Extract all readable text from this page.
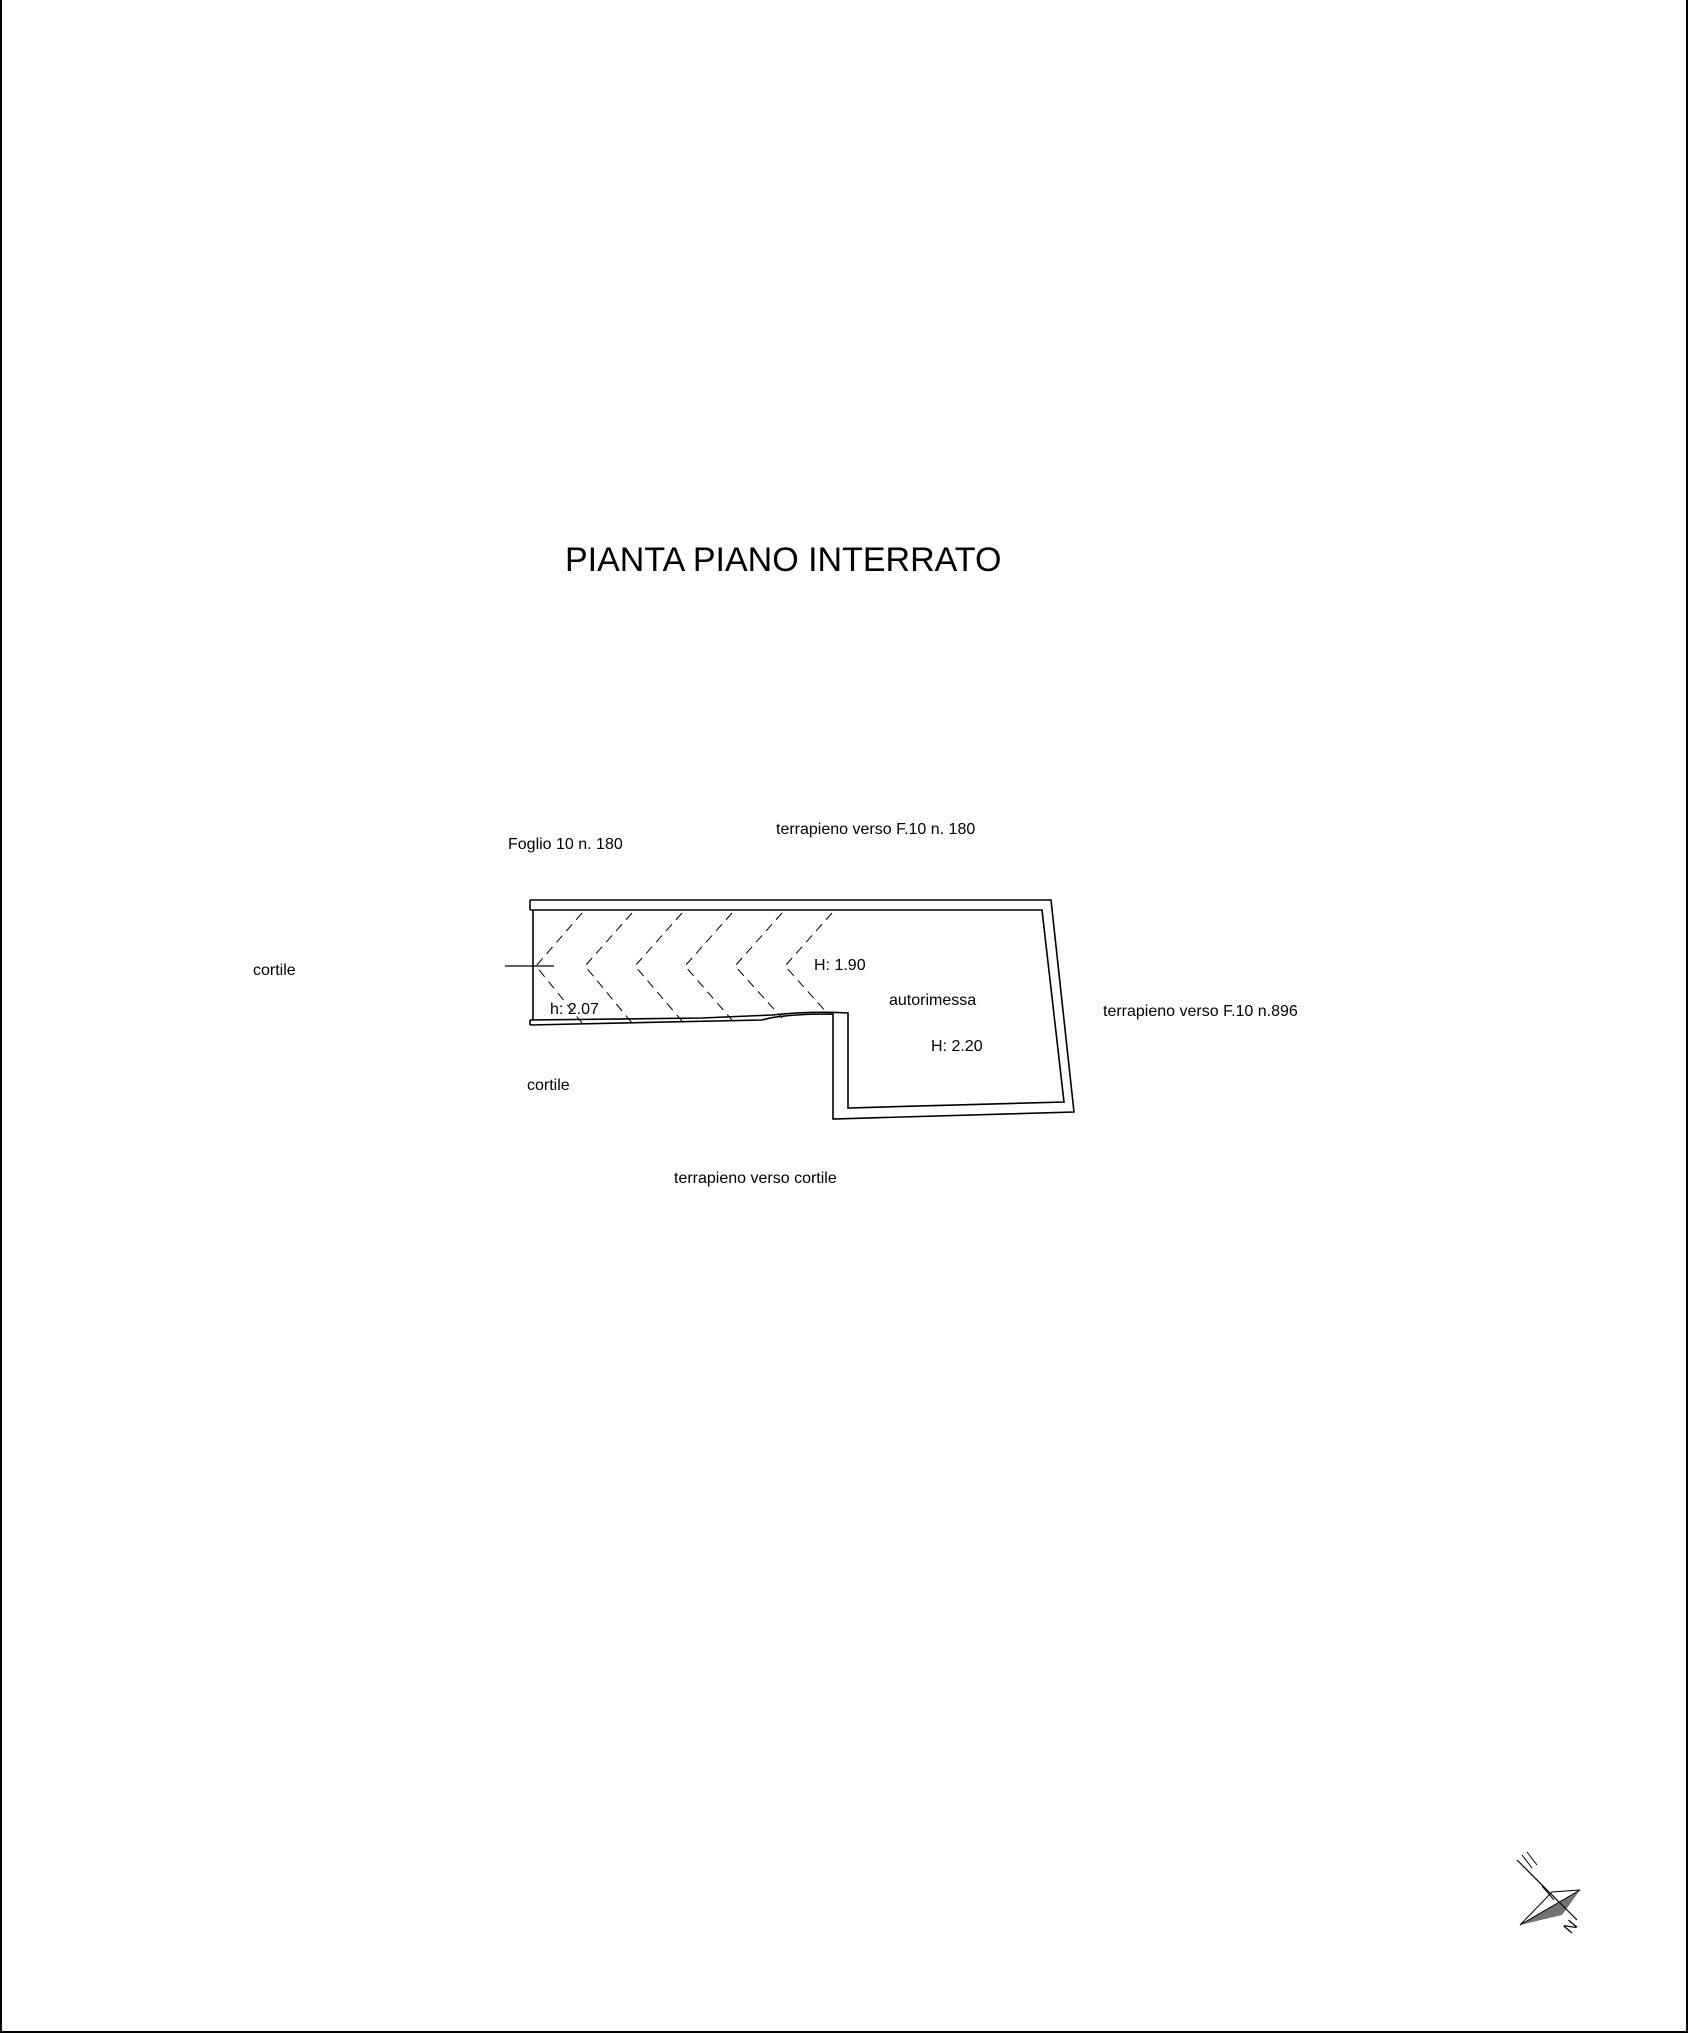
PIANTA PIANO INTERRATO
Foglio 10 n. 180
terrapieno verso F.10 n. 180
cortile
cortile
terrapieno verso F.10 n.896
terrapieno verso cortile
H: 1.90
h: 2.07
autorimessa
H: 2.20
N
